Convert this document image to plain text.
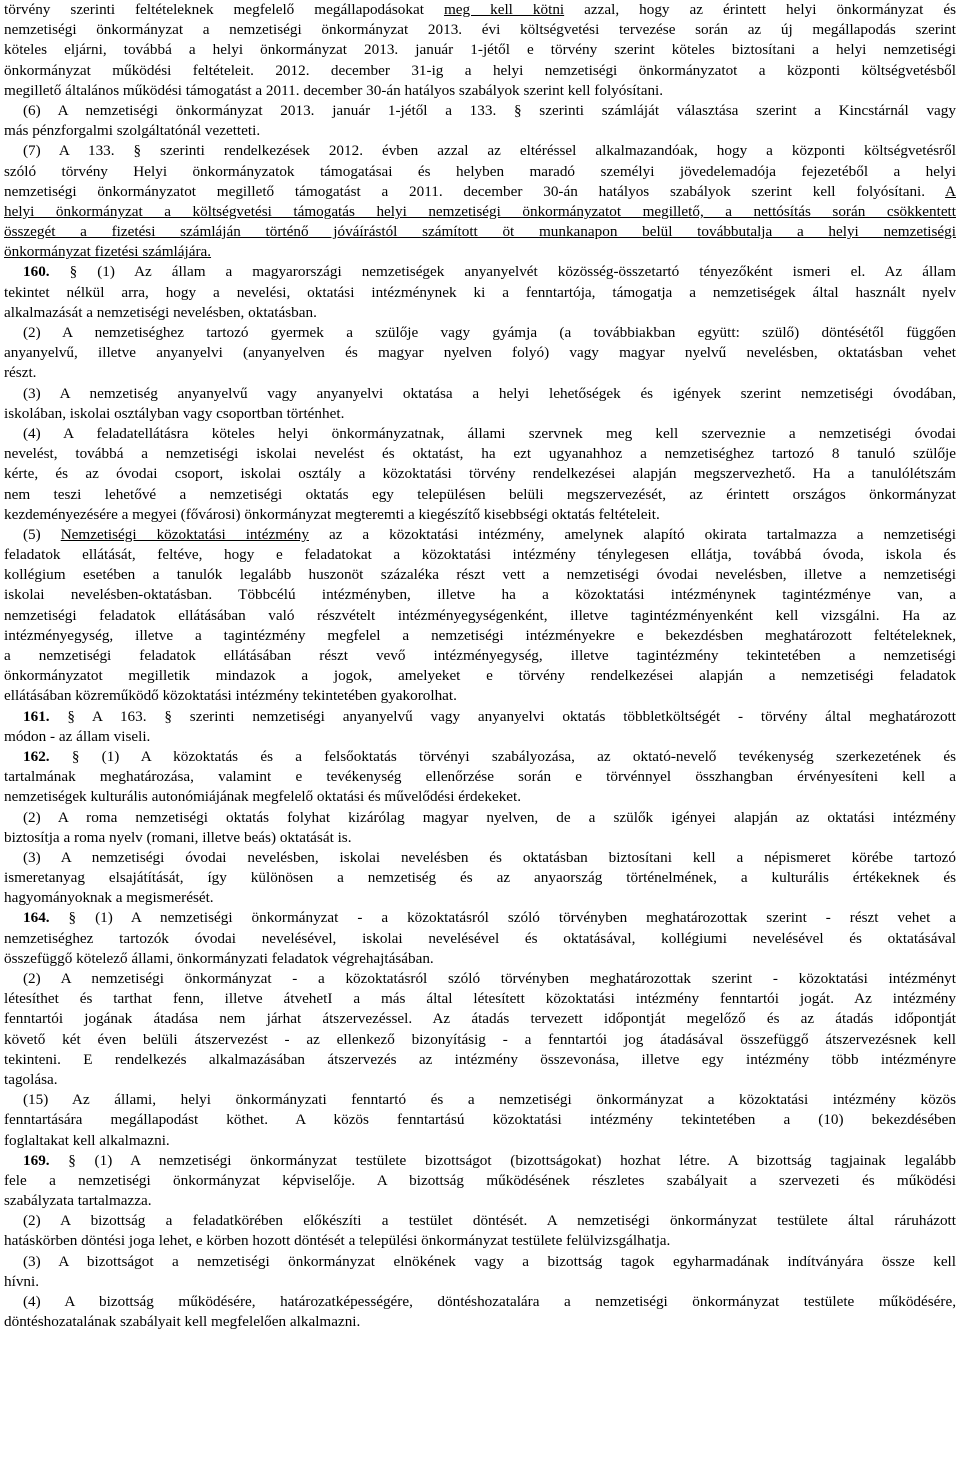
törvény szerinti feltételeknek megfelelő megállapodásokat meg kell kötni azzal, hogy az érintett helyi önkormányzat és
nemzetiségi önkormányzat a nemzetiségi önkormányzat 2013. évi költségvetési tervezése során az új megállapodás szerint
köteles eljárni, továbbá a helyi önkormányzat 2013. január 1-jétől e törvény szerint köteles biztosítani a helyi nemzetiségi
önkormányzat működési feltételeit. 2012. december 31-ig a helyi nemzetiségi önkormányzatot a központi költségvetésből
megillető általános működési támogatást a 2011. december 30-án hatályos szabályok szerint kell folyósítani.
(6) A nemzetiségi önkormányzat 2013. január 1-jétől a 133. § szerinti számláját választása szerint a Kincstárnál vagy
más pénzforgalmi szolgáltatónál vezetteti.
(7) A 133. § szerinti rendelkezések 2012. évben azzal az eltéréssel alkalmazandóak, hogy a központi költségvetésről
szóló törvény Helyi önkormányzatok támogatásai és helyben maradó személyi jövedelemadója fejezetéből a helyi
nemzetiségi önkormányzatot megillető támogatást a 2011. december 30-án hatályos szabályok szerint kell folyósítani. A
helyi önkormányzat a költségvetési támogatás helyi nemzetiségi önkormányzatot megillető, a nettósítás során csökkentett
összegét a fizetési számláján történő jóváírástól számított öt munkanapon belül továbbutalja a helyi nemzetiségi
önkormányzat fizetési számlájára.
160. § (1) Az állam a magyarországi nemzetiségek anyanyelvét közösség-összetartó tényezőként ismeri el. Az állam
tekintet nélkül arra, hogy a nevelési, oktatási intézménynek ki a fenntartója, támogatja a nemzetiségek által használt nyelv
alkalmazását a nemzetiségi nevelésben, oktatásban.
(2) A nemzetiséghez tartozó gyermek a szülője vagy gyámja (a továbbiakban együtt: szülő) döntésétől függően
anyanyelvű, illetve anyanyelvi (anyanyelven és magyar nyelven folyó) vagy magyar nyelvű nevelésben, oktatásban vehet
részt.
(3) A nemzetiség anyanyelvű vagy anyanyelvi oktatása a helyi lehetőségek és igények szerint nemzetiségi óvodában,
iskolában, iskolai osztályban vagy csoportban történhet.
(4) A feladatellátásra köteles helyi önkormányzatnak, állami szervnek meg kell szerveznie a nemzetiségi óvodai
nevelést, továbbá a nemzetiségi iskolai nevelést és oktatást, ha ezt ugyanahhoz a nemzetiséghez tartozó 8 tanuló szülője
kérte, és az óvodai csoport, iskolai osztály a közoktatási törvény rendelkezései alapján megszervezhető. Ha a tanulólétszám
nem teszi lehetővé a nemzetiségi oktatás egy településen belüli megszervezését, az érintett országos önkormányzat
kezdeményezésére a megyei (fővárosi) önkormányzat megteremti a kiegészítő kisebbségi oktatás feltételeit.
(5) Nemzetiségi közoktatási intézmény az a közoktatási intézmény, amelynek alapító okirata tartalmazza a nemzetiségi
feladatok ellátását, feltéve, hogy e feladatokat a közoktatási intézmény ténylegesen ellátja, továbbá óvoda, iskola és
kollégium esetében a tanulók legalább huszonöt százaléka részt vett a nemzetiségi óvodai nevelésben, illetve a nemzetiségi
iskolai nevelésben-oktatásban. Többcélú intézményben, illetve ha a közoktatási intézménynek tagintézménye van, a
nemzetiségi feladatok ellátásában való részvételt intézményegységenként, illetve tagintézményenként kell vizsgálni. Ha az
intézményegység, illetve a tagintézmény megfelel a nemzetiségi intézményekre e bekezdésben meghatározott feltételeknek,
a nemzetiségi feladatok ellátásában részt vevő intézményegység, illetve tagintézmény tekintetében a nemzetiségi
önkormányzatot megilletik mindazok a jogok, amelyeket e törvény rendelkezései alapján a nemzetiségi feladatok
ellátásában közreműködő közoktatási intézmény tekintetében gyakorolhat.
161. § A 163. § szerinti nemzetiségi anyanyelvű vagy anyanyelvi oktatás többletköltségét - törvény által meghatározott
módon - az állam viseli.
162. § (1) A közoktatás és a felsőoktatás törvényi szabályozása, az oktató-nevelő tevékenység szerkezetének és
tartalmának meghatározása, valamint e tevékenység ellenőrzése során e törvénnyel összhangban érvényesíteni kell a
nemzetiségek kulturális autonómiájának megfelelő oktatási és művelődési érdekeket.
(2) A roma nemzetiségi oktatás folyhat kizárólag magyar nyelven, de a szülők igényei alapján az oktatási intézmény
biztosítja a roma nyelv (romani, illetve beás) oktatását is.
(3) A nemzetiségi óvodai nevelésben, iskolai nevelésben és oktatásban biztosítani kell a népismeret körébe tartozó
ismeretanyag elsajátítását, így különösen a nemzetiség és az anyaország történelmének, a kulturális értékeknek és
hagyományoknak a megismerését.
164. § (1) A nemzetiségi önkormányzat - a közoktatásról szóló törvényben meghatározottak szerint - részt vehet a
nemzetiséghez tartozók óvodai nevelésével, iskolai nevelésével és oktatásával, kollégiumi nevelésével és oktatásával
összefüggő kötelező állami, önkormányzati feladatok végrehajtásában.
(2) A nemzetiségi önkormányzat - a közoktatásról szóló törvényben meghatározottak szerint - közoktatási intézményt
létesíthet és tarthat fenn, illetve átvehetI a más által létesített közoktatási intézmény fenntartói jogát. Az intézmény
fenntartói jogának átadása nem járhat átszervezéssel. Az átadás tervezett időpontját megelőző és az átadás időpontját
követő két éven belüli átszervezést - az ellenkező bizonyításig - a fenntartói jog átadásával összefüggő átszervezésnek kell
tekinteni. E rendelkezés alkalmazásában átszervezés az intézmény összevonása, illetve egy intézmény több intézményre
tagolása.
(15) Az állami, helyi önkormányzati fenntartó és a nemzetiségi önkormányzat a közoktatási intézmény közös
fenntartására megállapodást köthet. A közös fenntartású közoktatási intézmény tekintetében a (10) bekezdésében
foglaltakat kell alkalmazni.
169. § (1) A nemzetiségi önkormányzat testülete bizottságot (bizottságokat) hozhat létre. A bizottság tagjainak legalább
fele a nemzetiségi önkormányzat képviselője. A bizottság működésének részletes szabályait a szervezeti és működési
szabályzata tartalmazza.
(2) A bizottság a feladatkörében előkészíti a testület döntését. A nemzetiségi önkormányzat testülete által ráruházott
hatáskörben döntési joga lehet, e körben hozott döntését a települési önkormányzat testülete felülvizsgálhatja.
(3) A bizottságot a nemzetiségi önkormányzat elnökének vagy a bizottság tagok egyharmadának indítványára össze kell
hívni.
(4) A bizottság működésére, határozatképességére, döntéshozatalára a nemzetiségi önkormányzat testülete működésére,
döntéshozatalának szabályait kell megfelelően alkalmazni.
